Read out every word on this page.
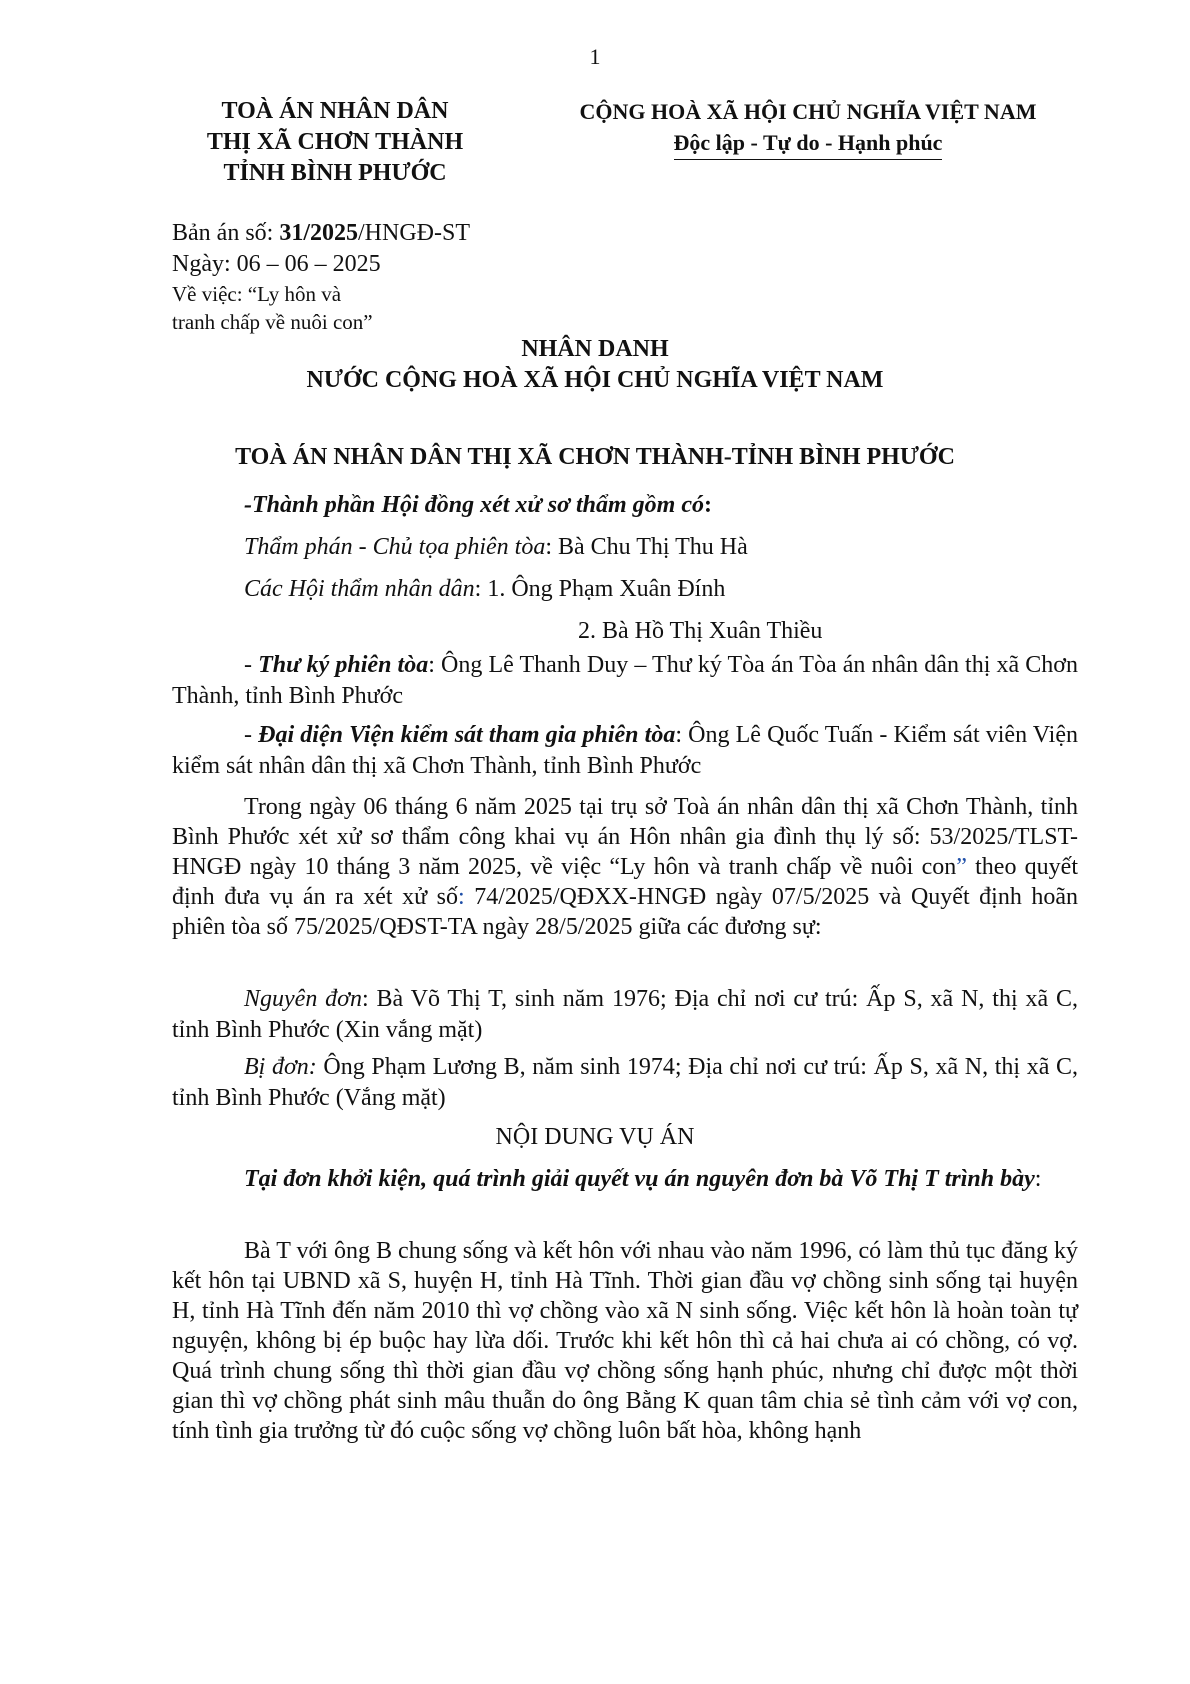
1
TOÀ ÁN NHÂN DÂN
THỊ XÃ CHƠN THÀNH
TỈNH BÌNH PHƯỚC
CỘNG HOÀ XÃ HỘI CHỦ NGHĨA VIỆT NAM
Độc lập - Tự do - Hạnh phúc
Bản án số: 31/2025/HNGĐ-ST
Ngày: 06 – 06 – 2025
Về việc: “Ly hôn và
tranh chấp về nuôi con”
NHÂN DANH
NƯỚC CỘNG HOÀ XÃ HỘI CHỦ NGHĨA VIỆT NAM
TOÀ ÁN NHÂN DÂN THỊ XÃ CHƠN THÀNH-TỈNH BÌNH PHƯỚC
-Thành phần Hội đồng xét xử sơ thẩm gồm có:
Thẩm phán - Chủ tọa phiên tòa: Bà Chu Thị Thu Hà
Các Hội thẩm nhân dân: 1. Ông Phạm Xuân Đính
2. Bà Hồ Thị Xuân Thiều

- Thư ký phiên tòa: Ông Lê Thanh Duy – Thư ký Tòa án Tòa án nhân dân thị xã Chơn Thành, tỉnh Bình Phước

- Đại diện Viện kiểm sát tham gia phiên tòa: Ông Lê Quốc Tuấn - Kiểm sát viên Viện kiểm sát nhân dân thị xã Chơn Thành, tỉnh Bình Phước

Trong ngày 06 tháng 6 năm 2025 tại trụ sở Toà án nhân dân thị xã Chơn Thành, tỉnh Bình Phước xét xử sơ thẩm công khai vụ án Hôn nhân gia đình thụ lý số: 53/2025/TLST-HNGĐ ngày 10 tháng 3 năm 2025, về việc “Ly hôn và tranh chấp về nuôi con” theo quyết định đưa vụ án ra xét xử số: 74/2025/QĐXX-HNGĐ ngày 07/5/2025 và Quyết định hoãn phiên tòa số 75/2025/QĐST-TA ngày 28/5/2025 giữa các đương sự:

Nguyên đơn: Bà Võ Thị T, sinh năm 1976; Địa chỉ nơi cư trú: Ấp S, xã N, thị xã C, tỉnh Bình Phước (Xin vắng mặt)

Bị đơn: Ông Phạm Lương B, năm sinh 1974; Địa chỉ nơi cư trú: Ấp S, xã N, thị xã C, tỉnh Bình Phước (Vắng mặt)

NỘI DUNG VỤ ÁN

Tại đơn khởi kiện, quá trình giải quyết vụ án nguyên đơn bà Võ Thị T trình bày:

Bà T với ông B chung sống và kết hôn với nhau vào năm 1996, có làm thủ tục đăng ký kết hôn tại UBND xã S, huyện H, tỉnh Hà Tĩnh. Thời gian đầu vợ chồng sinh sống tại huyện H, tỉnh Hà Tĩnh đến năm 2010 thì vợ chồng vào xã N sinh sống. Việc kết hôn là hoàn toàn tự nguyện, không bị ép buộc hay lừa dối. Trước khi kết hôn thì cả hai chưa ai có chồng, có vợ. Quá trình chung sống thì thời gian đầu vợ chồng sống hạnh phúc, nhưng chỉ được một thời gian thì vợ chồng phát sinh mâu thuẫn do ông Bằng K quan tâm chia sẻ tình cảm với vợ con, tính tình gia trưởng từ đó cuộc sống vợ chồng luôn bất hòa, không hạnh
